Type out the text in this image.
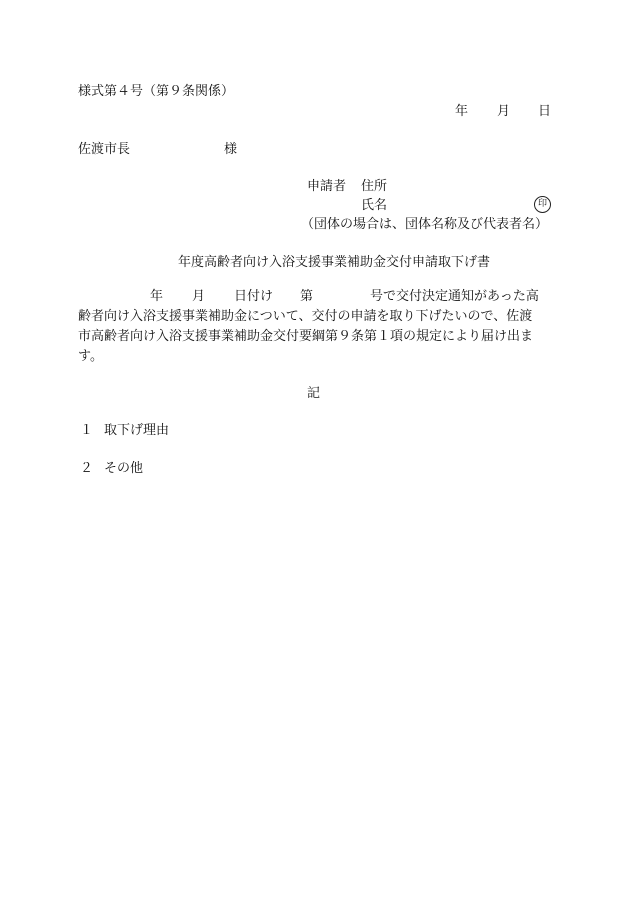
様式第４号（第９条関係）
年 月 日
佐渡市長	様
申請者 住所
氏名	印
（団体の場合は、団体名称及び代表者名）
年度高齢者向け入浴支援事業補助金交付申請取下げ書
年 月 日付け 第	号で交付決定通知があった高
齢者向け入浴支援事業補助金について、交付の申請を取り下げたいので、佐渡
市高齢者向け入浴支援事業補助金交付要綱第９条第１項の規定により届け出ま
す。
記
１ 取下げ理由
２ その他
